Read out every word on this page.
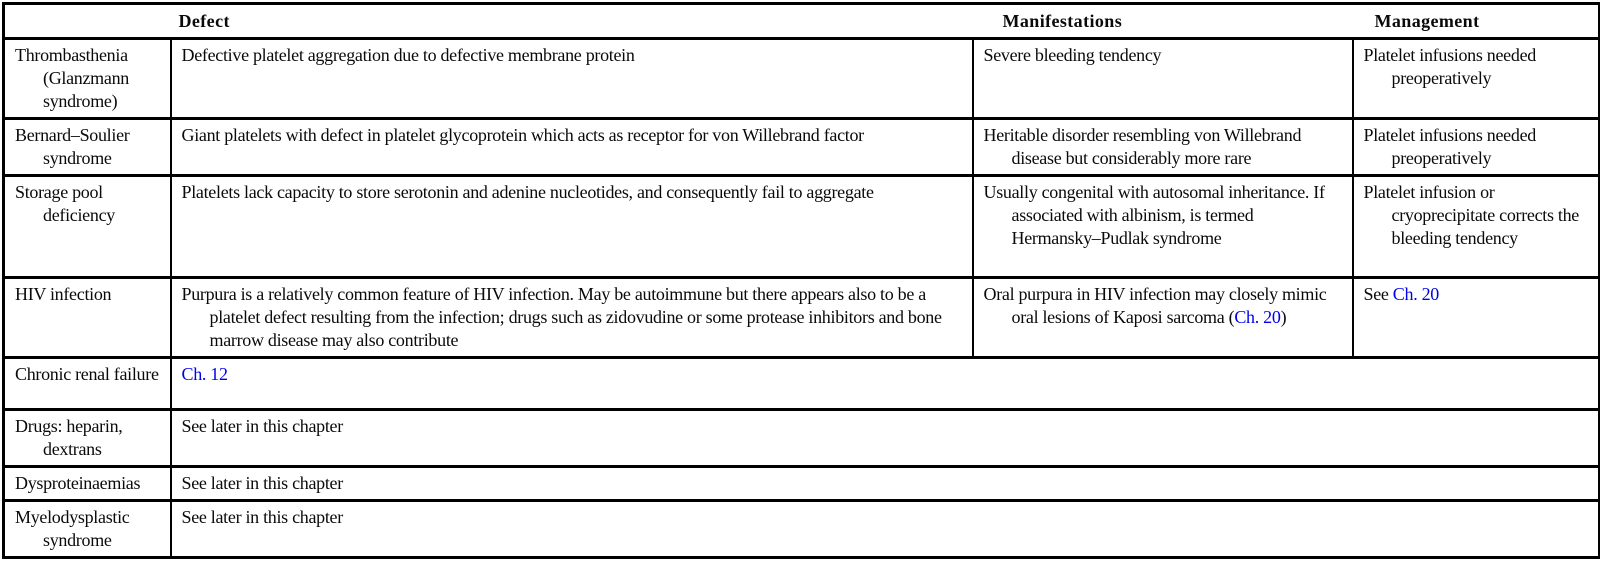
	Defect	Manifestations	Management

Thrombasthenia (Glanzmann syndrome)	Defective platelet aggregation due to defective membrane protein	Severe bleeding tendency	Platelet infusions needed preoperatively

Bernard–Soulier syndrome	Giant platelets with defect in platelet glycoprotein which acts as receptor for von Willebrand factor	Heritable disorder resembling von Willebrand disease but considerably more rare	Platelet infusions needed preoperatively

Storage pool deficiency	Platelets lack capacity to store serotonin and adenine nucleotides, and consequently fail to aggregate	Usually congenital with autosomal inheritance. If associated with albinism, is termed Hermansky–Pudlak syndrome	Platelet infusion or cryoprecipitate corrects the bleeding tendency

HIV infection	Purpura is a relatively common feature of HIV infection. May be autoimmune but there appears also to be a platelet defect resulting from the infection; drugs such as zidovudine or some protease inhibitors and bone marrow disease may also contribute	Oral purpura in HIV infection may closely mimic oral lesions of Kaposi sarcoma (Ch. 20)	See Ch. 20

Chronic renal failure	Ch. 12		

Drugs: heparin, dextrans	See later in this chapter		

Dysproteinaemias	See later in this chapter		

Myelodysplastic syndrome	See later in this chapter		
